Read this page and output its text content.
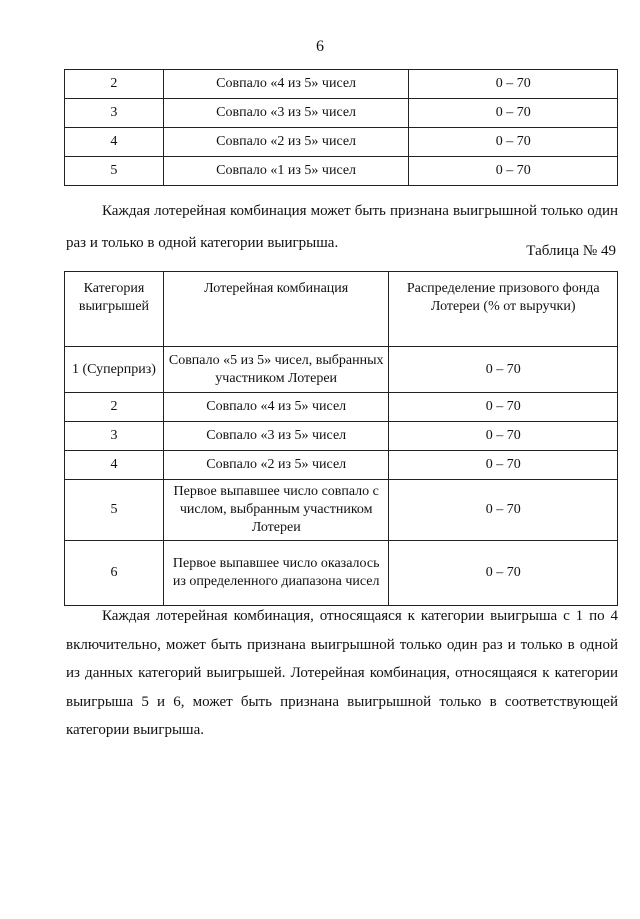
6
2	Совпало «4 из 5» чисел	0 – 70
3	Совпало «3 из 5» чисел	0 – 70
4	Совпало «2 из 5» чисел	0 – 70
5	Совпало «1 из 5» чисел	0 – 70

Каждая лотерейная комбинация может быть признана выигрышной только один раз и только в одной категории выигрыша.	Таблица № 49
Категория выигрышей	Лотерейная комбинация	Распределение призового фонда Лотереи (% от выручки)
1 (Суперприз)	Совпало «5 из 5» чисел, выбранных участником Лотереи	0 – 70
2	Совпало «4 из 5» чисел	0 – 70
3	Совпало «3 из 5» чисел	0 – 70
4	Совпало «2 из 5» чисел	0 – 70
5	Первое выпавшее число совпало с числом, выбранным участником Лотереи	0 – 70
6	Первое выпавшее число оказалось из определенного диапазона чисел	0 – 70

Каждая лотерейная комбинация, относящаяся к категории выигрыша с 1 по 4 включительно, может быть признана выигрышной только один раз и только в одной из данных категорий выигрышей. Лотерейная комбинация, относящаяся к категории выигрыша 5 и 6, может быть признана выигрышной только в соответствующей категории выигрыша.
